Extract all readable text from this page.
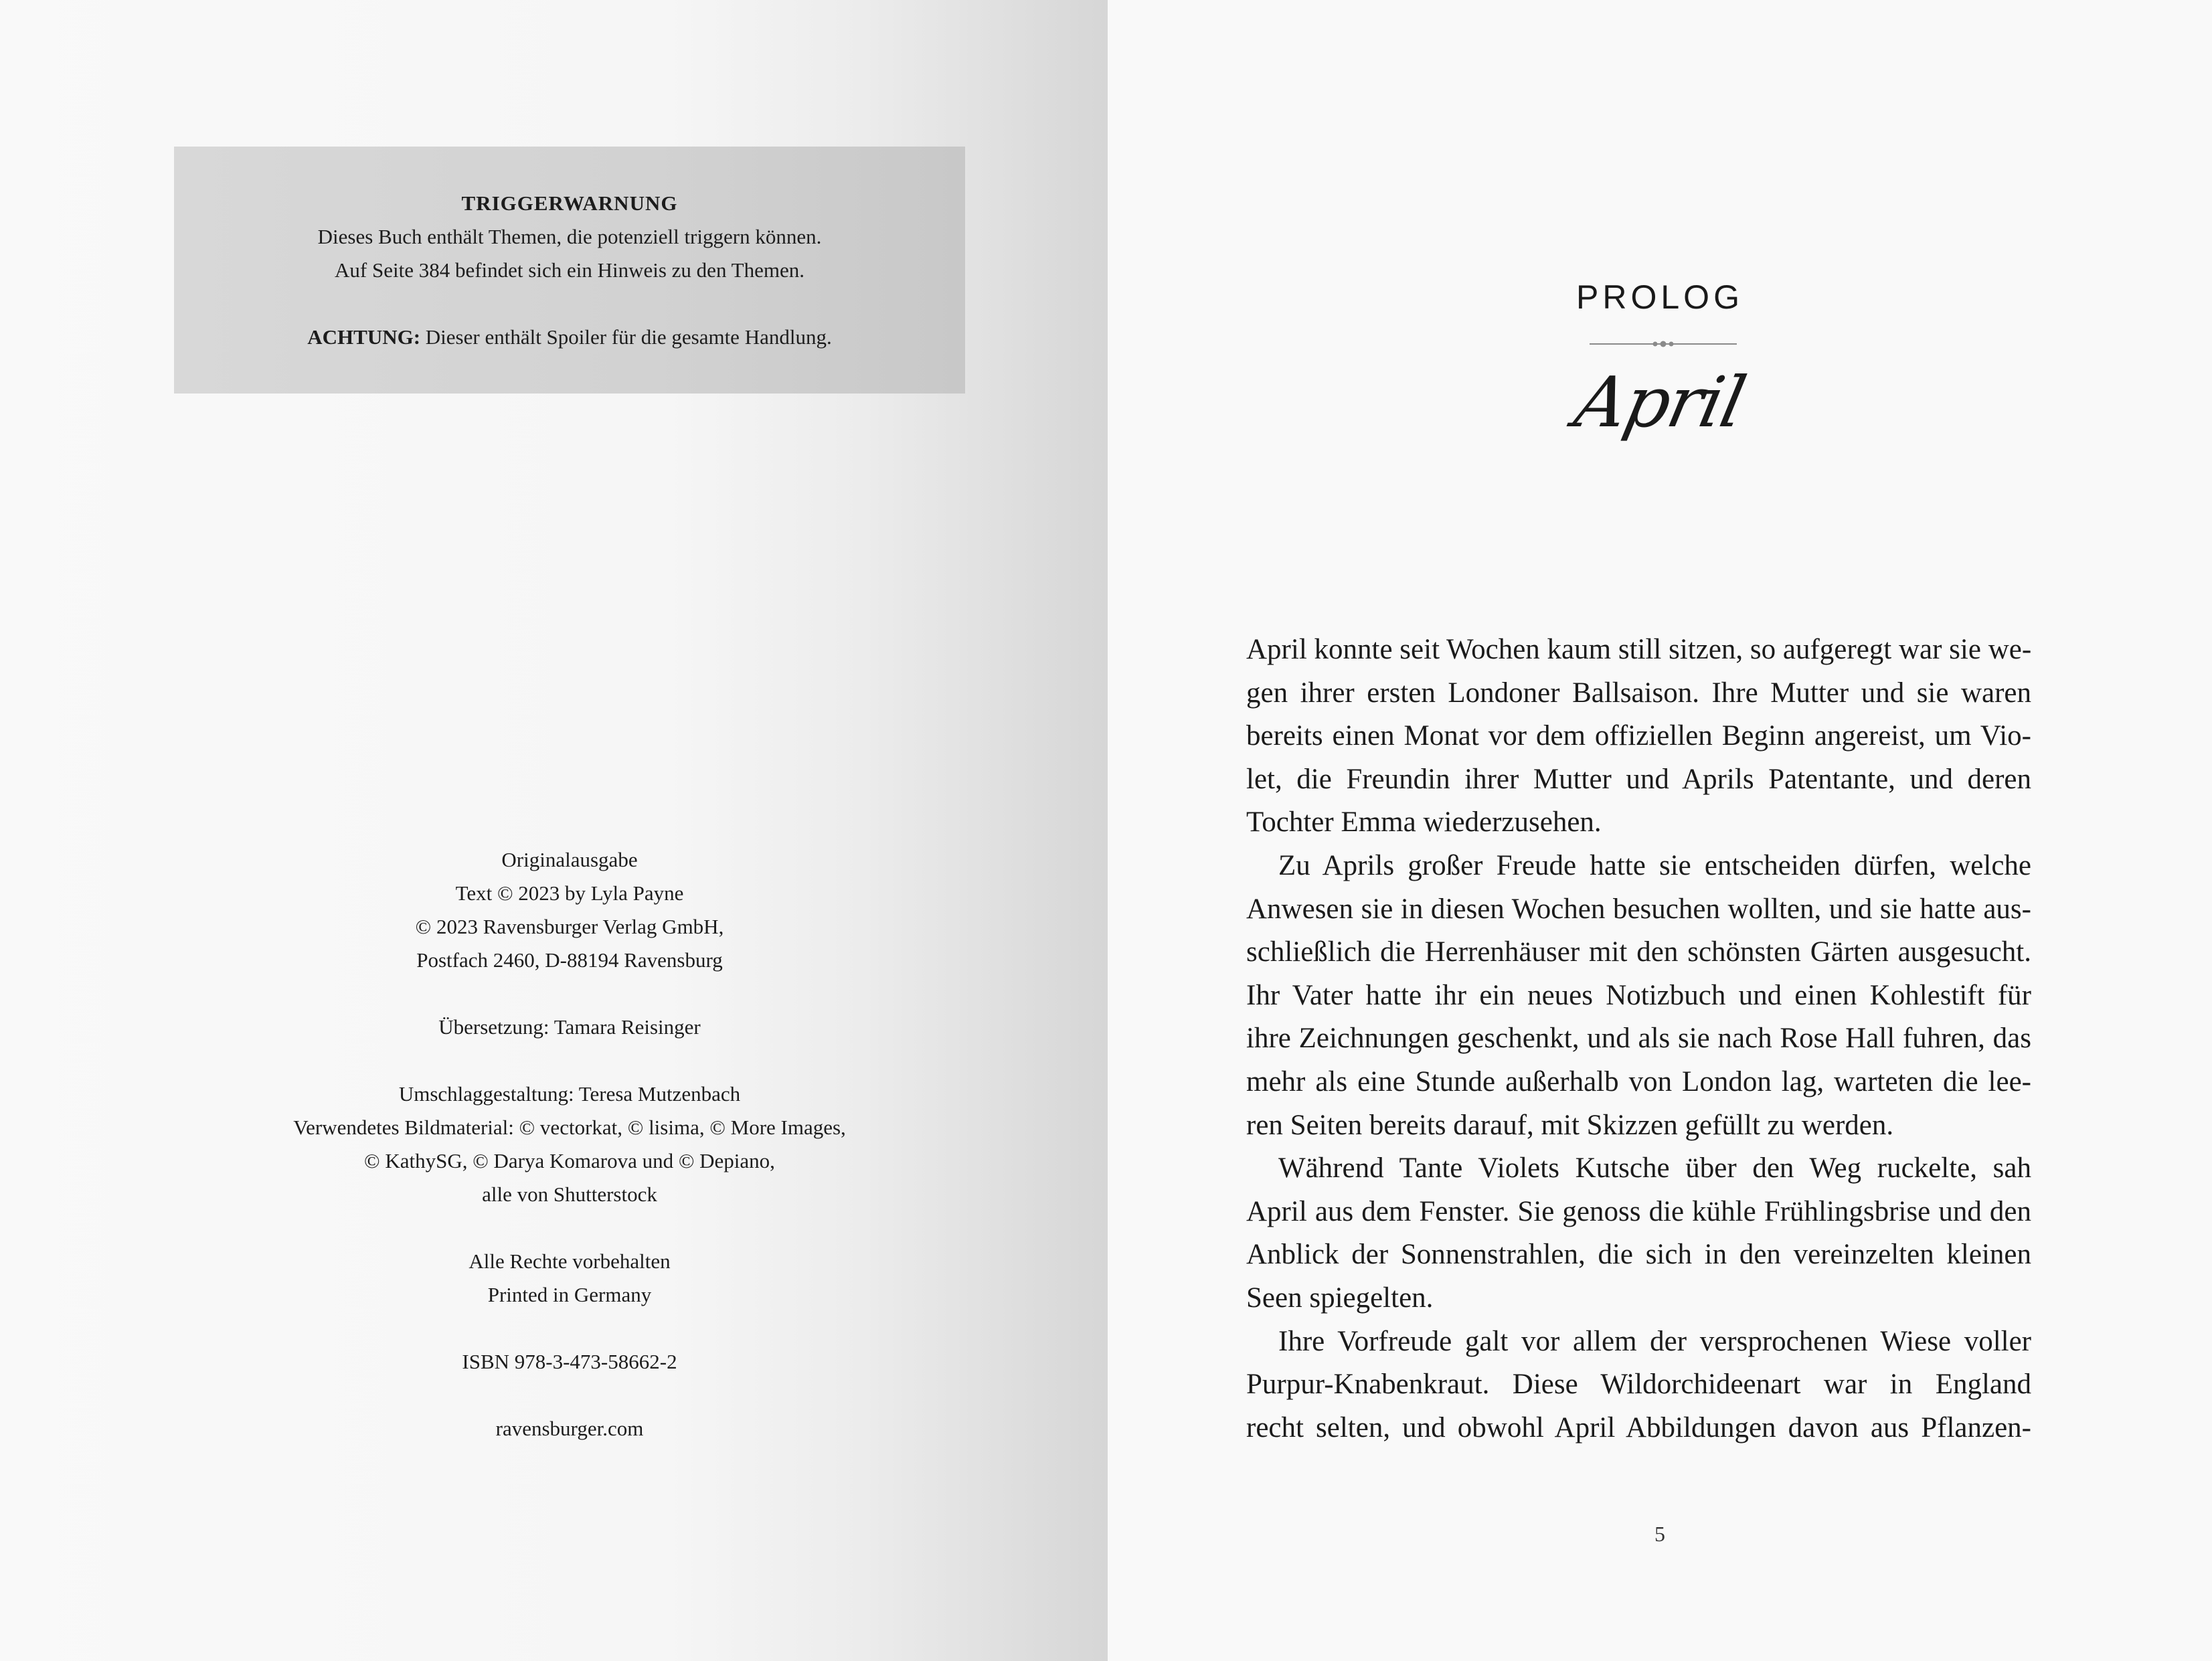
TRIGGERWARNUNG
Dieses Buch enthält Themen, die potenziell triggern können.
Auf Seite 384 befindet sich ein Hinweis zu den Themen.
ACHTUNG: Dieser enthält Spoiler für die gesamte Handlung.
Originalausgabe
Text © 2023 by Lyla Payne
© 2023 Ravensburger Verlag GmbH,
Postfach 2460, D-88194 Ravensburg
Übersetzung: Tamara Reisinger
Umschlaggestaltung: Teresa Mutzenbach
Verwendetes Bildmaterial: © vectorkat, © lisima, © More Images,
© KathySG, © Darya Komarova und © Depiano,
alle von Shutterstock
Alle Rechte vorbehalten
Printed in Germany
ISBN 978-3-473-58662-2
ravensburger.com
PROLOG
April
April konnte seit Wochen kaum still sitzen, so aufgeregt war sie we-
gen ihrer ersten Londoner Ballsaison. Ihre Mutter und sie waren
bereits einen Monat vor dem offiziellen Beginn angereist, um Vio-
let, die Freundin ihrer Mutter und Aprils Patentante, und deren
Tochter Emma wiederzusehen.
Zu Aprils großer Freude hatte sie entscheiden dürfen, welche
Anwesen sie in diesen Wochen besuchen wollten, und sie hatte aus-
schließlich die Herrenhäuser mit den schönsten Gärten ausgesucht.
Ihr Vater hatte ihr ein neues Notizbuch und einen Kohlestift für
ihre Zeichnungen geschenkt, und als sie nach Rose Hall fuhren, das
mehr als eine Stunde außerhalb von London lag, warteten die lee-
ren Seiten bereits darauf, mit Skizzen gefüllt zu werden.
Während Tante Violets Kutsche über den Weg ruckelte, sah
April aus dem Fenster. Sie genoss die kühle Frühlingsbrise und den
Anblick der Sonnenstrahlen, die sich in den vereinzelten kleinen
Seen spiegelten.
Ihre Vorfreude galt vor allem der versprochenen Wiese voller
Purpur-Knabenkraut. Diese Wildorchideenart war in England
recht selten, und obwohl April Abbildungen davon aus Pflanzen-
5
